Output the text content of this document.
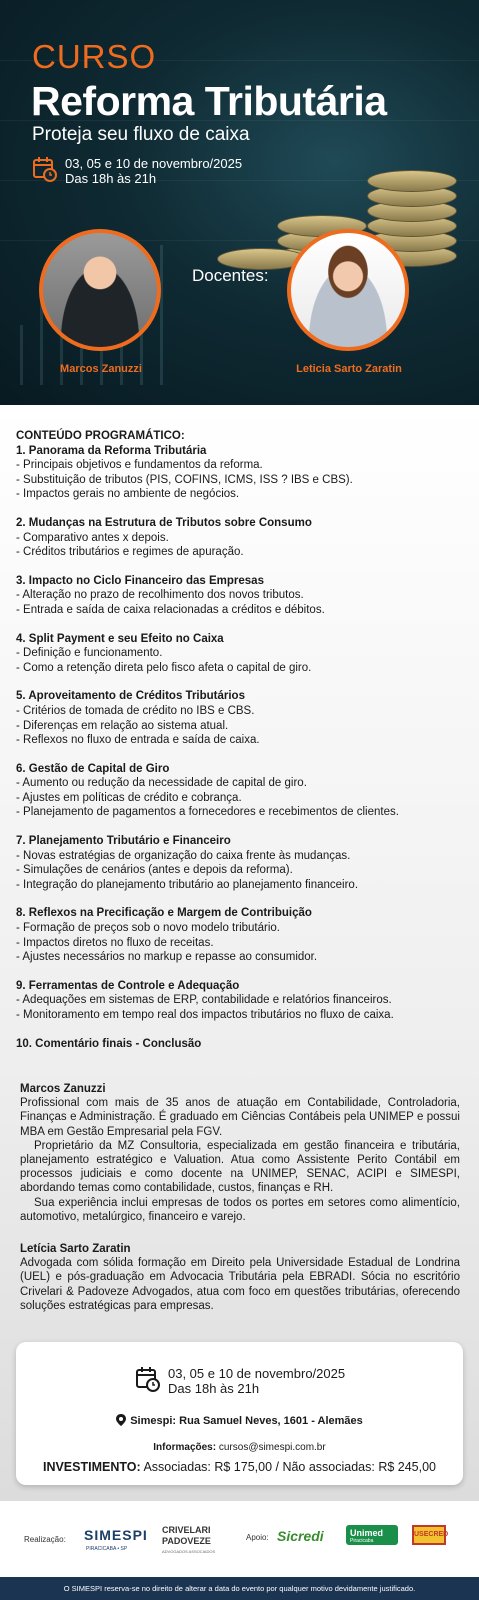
CURSO
Reforma Tributária
Proteja seu fluxo de caixa
03, 05 e 10 de novembro/2025
Das 18h às 21h
Docentes:
Marcos Zanuzzi	Leticia Sarto Zaratin
CONTEÚDO PROGRAMÁTICO:
1. Panorama da Reforma Tributária
- Principais objetivos e fundamentos da reforma.
- Substituição de tributos (PIS, COFINS, ICMS, ISS ? IBS e CBS).
- Impactos gerais no ambiente de negócios.
2. Mudanças na Estrutura de Tributos sobre Consumo
- Comparativo antes x depois.
- Créditos tributários e regimes de apuração.
3. Impacto no Ciclo Financeiro das Empresas
- Alteração no prazo de recolhimento dos novos tributos.
- Entrada e saída de caixa relacionadas a créditos e débitos.
4. Split Payment e seu Efeito no Caixa
- Definição e funcionamento.
- Como a retenção direta pelo fisco afeta o capital de giro.
5. Aproveitamento de Créditos Tributários
- Critérios de tomada de crédito no IBS e CBS.
- Diferenças em relação ao sistema atual.
- Reflexos no fluxo de entrada e saída de caixa.
6. Gestão de Capital de Giro
- Aumento ou redução da necessidade de capital de giro.
- Ajustes em políticas de crédito e cobrança.
- Planejamento de pagamentos a fornecedores e recebimentos de clientes.
7. Planejamento Tributário e Financeiro
- Novas estratégias de organização do caixa frente às mudanças.
- Simulações de cenários (antes e depois da reforma).
- Integração do planejamento tributário ao planejamento financeiro.
8. Reflexos na Precificação e Margem de Contribuição
- Formação de preços sob o novo modelo tributário.
- Impactos diretos no fluxo de receitas.
- Ajustes necessários no markup e repasse ao consumidor.
9. Ferramentas de Controle e Adequação
- Adequações em sistemas de ERP, contabilidade e relatórios financeiros.
- Monitoramento em tempo real dos impactos tributários no fluxo de caixa.
10. Comentário finais - Conclusão

Marcos Zanuzzi

Profissional com mais de 35 anos de atuação em Contabilidade, Controladoria, Finanças e Administração. É graduado em Ciências Contábeis pela UNIMEP e possui MBA em Gestão Empresarial pela FGV.

Proprietário da MZ Consultoria, especializada em gestão financeira e tributária, planejamento estratégico e Valuation. Atua como Assistente Perito Contábil em processos judiciais e como docente na UNIMEP, SENAC, ACIPI e SIMESPI, abordando temas como contabilidade, custos, finanças e RH.

Sua experiência inclui empresas de todos os portes em setores como alimentício, automotivo, metalúrgico, financeiro e varejo.

Letícia Sarto Zaratin

Advogada com sólida formação em Direito pela Universidade Estadual de Londrina (UEL) e pós-graduação em Advocacia Tributária pela EBRADI. Sócia no escritório Crivelari & Padoveze Advogados, atua com foco em questões tributárias, oferecendo soluções estratégicas para empresas.

03, 05 e 10 de novembro/2025
Das 18h às 21h
Simespi: Rua Samuel Neves, 1601 - Alemães
Informações: cursos@simespi.com.br
INVESTIMENTO: Associadas: R$ 175,00 / Não associadas: R$ 245,00
Realização: SIMESPI
PIRACICABA • SP
CRIVELARI
PADOVEZE
ADVOGADOS ASSOCIADOS
Apoio: Sicredi	Unimed
Piracicaba
USECRED
O SIMESPI reserva-se no direito de alterar a data do evento por qualquer motivo devidamente justificado.
